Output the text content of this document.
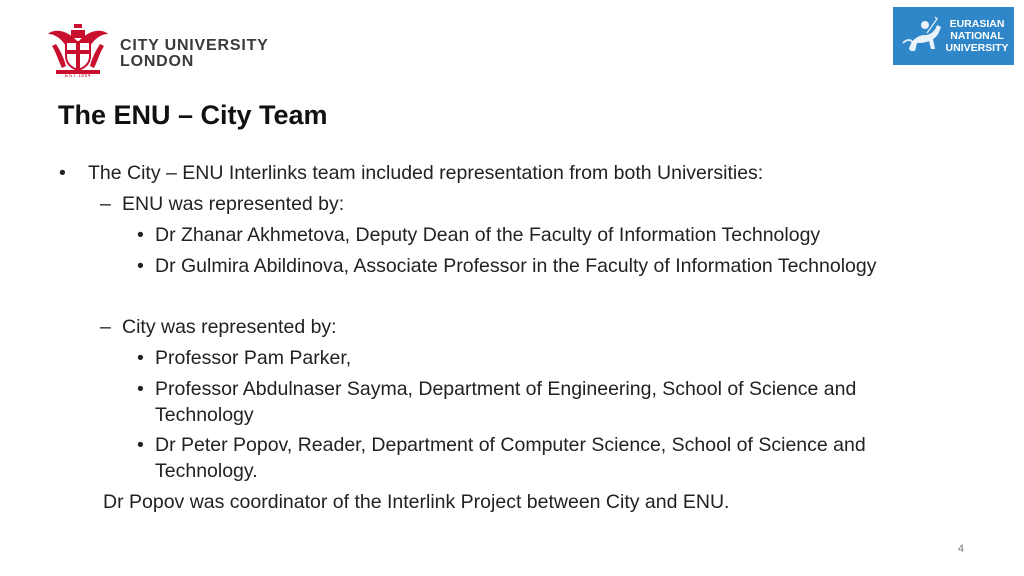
EST 1894
CITY UNIVERSITY
LONDON
EURASIAN
NATIONAL
UNIVERSITY
The ENU – City Team
• The City – ENU Interlinks team included representation from both Universities:
– ENU was represented by:
• Dr Zhanar Akhmetova, Deputy Dean of the Faculty of Information Technology
• Dr Gulmira Abildinova, Associate Professor in the Faculty of Information Technology
– City was represented by:
• Professor Pam Parker,
• Professor Abdulnaser Sayma, Department of Engineering, School of Science and
Technology
• Dr Peter Popov, Reader, Department of Computer Science, School of Science and
Technology.
Dr Popov was coordinator of the Interlink Project between City and ENU.
4
